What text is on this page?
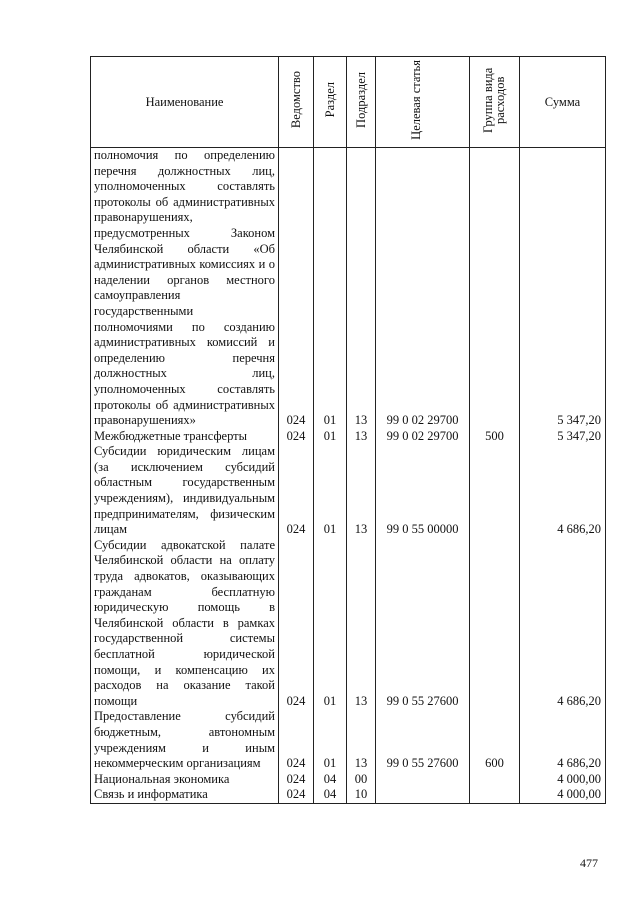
Наименование	Ведомство	Раздел	Подраздел	Целевая статья	Группа вида расходов	Сумма
полномочия по определению перечня должностных лиц, уполномоченных составлять протоколы об административных правонарушениях, предусмотренных Законом Челябинской области «Об административных комиссиях и о наделении органов местного самоуправления государственными полномочиями по созданию административных комиссий и определению перечня должностных лиц, уполномоченных составлять протоколы об административных правонарушениях»	024	01	13	99 0 02 29700		5 347,20
Межбюджетные трансферты	024	01	13	99 0 02 29700	500	5 347,20
Субсидии юридическим лицам (за исключением субсидий областным государственным учреждениям), индивидуальным предпринимателям, физическим лицам	024	01	13	99 0 55 00000		4 686,20
Субсидии адвокатской палате Челябинской области на оплату труда адвокатов, оказывающих гражданам бесплатную юридическую помощь в Челябинской области в рамках государственной системы бесплатной юридической помощи, и компенсацию их расходов на оказание такой помощи	024	01	13	99 0 55 27600		4 686,20
Предоставление субсидий бюджетным, автономным учреждениям и иным некоммерческим организациям	024	01	13	99 0 55 27600	600	4 686,20
Национальная экономика	024	04	00			4 000,00
Связь и информатика	024	04	10			4 000,00
477
